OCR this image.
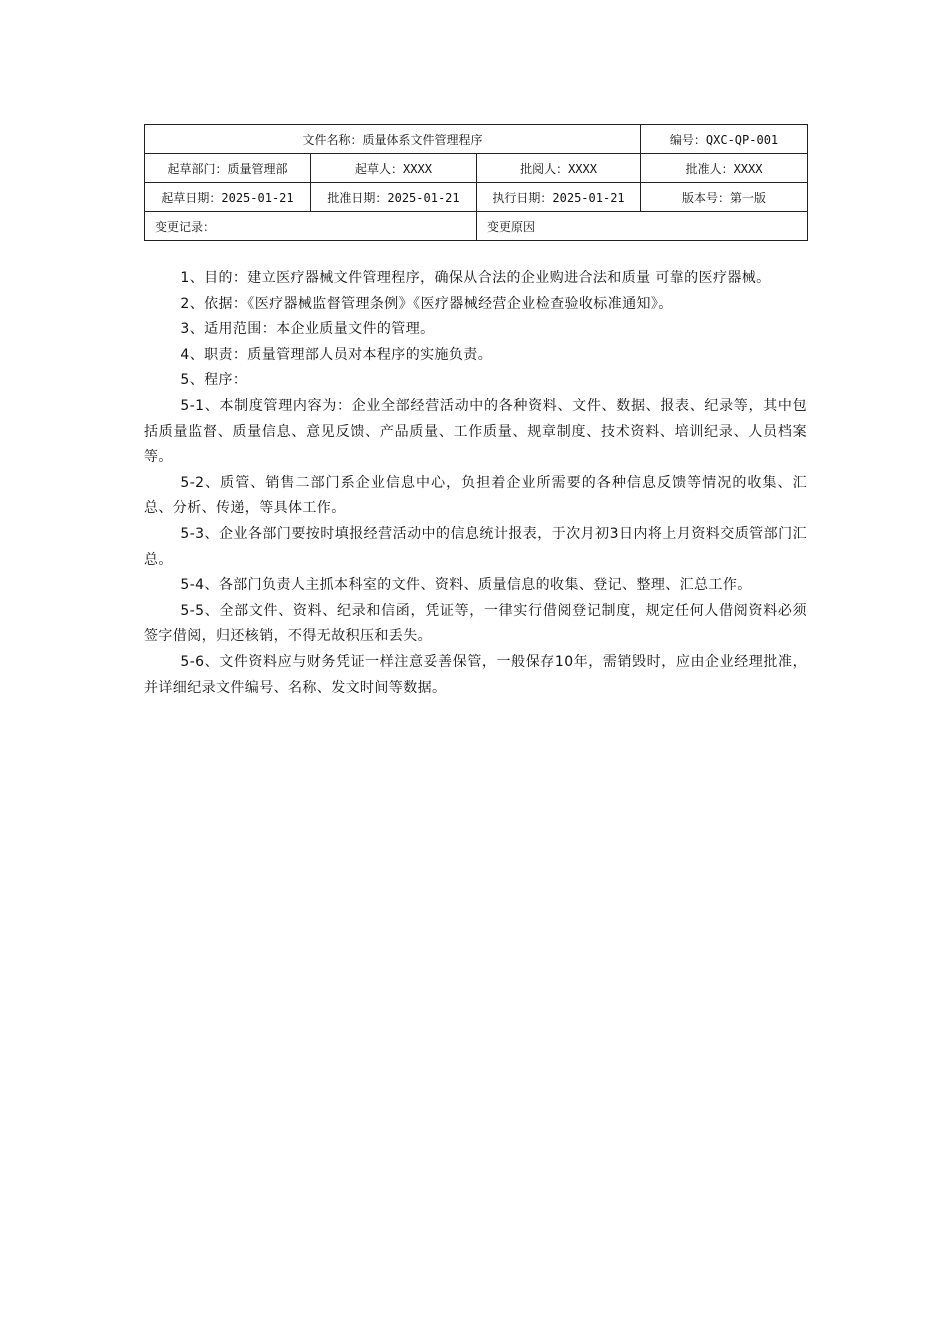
文件名称：质量体系文件管理程序			编号：QXC-QP-001
起草部门：质量管理部	起草人：XXXX	批阅人：XXXX	批准人：XXXX
起草日期：2025-01-21	批准日期：2025-01-21	执行日期：2025-01-21	版本号：第一版
变更记录：		变更原因	

1、目的：建立医疗器械文件管理程序，确保从合法的企业购进合法和质量 可靠的医疗器械。

2、依据：《医疗器械监督管理条例》《医疗器械经营企业检查验收标准通知》。

3、适用范围：本企业质量文件的管理。

4、职责：质量管理部人员对本程序的实施负责。

5、程序：

5-1、本制度管理内容为：企业全部经营活动中的各种资料、文件、数据、报表、纪录等，其中包括质量监督、质量信息、意见反馈、产品质量、工作质量、规章制度、技术资料、培训纪录、人员档案等。

5-2、质管、销售二部门系企业信息中心，负担着企业所需要的各种信息反馈等情况的收集、汇总、分析、传递，等具体工作。

5-3、企业各部门要按时填报经营活动中的信息统计报表，于次月初3日内将上月资料交质管部门汇总。

5-4、各部门负责人主抓本科室的文件、资料、质量信息的收集、登记、整理、汇总工作。

5-5、全部文件、资料、纪录和信函，凭证等，一律实行借阅登记制度，规定任何人借阅资料必须签字借阅，归还核销，不得无故积压和丢失。

5-6、文件资料应与财务凭证一样注意妥善保管，一般保存10年，需销毁时，应由企业经理批准，并详细纪录文件编号、名称、发文时间等数据。
